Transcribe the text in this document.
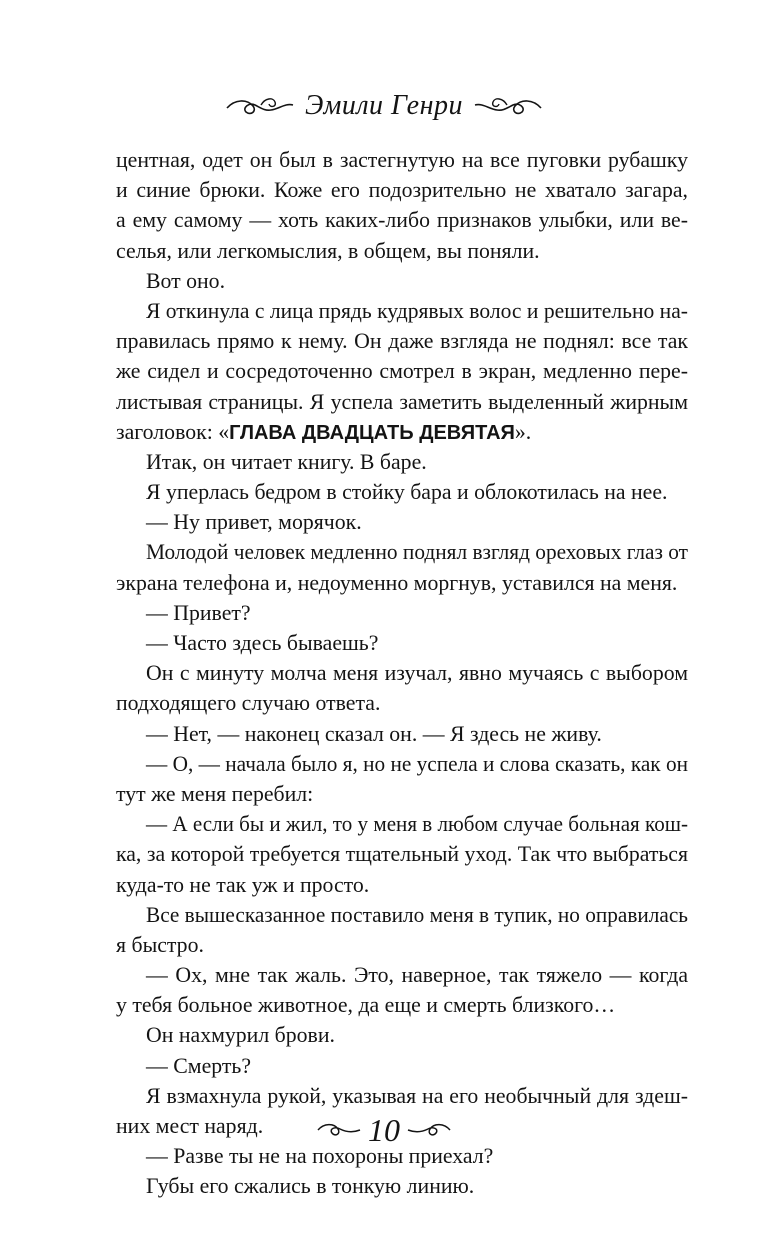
Эмили Генри
центная, одет он был в застегнутую на все пуговки рубашку
и синие брюки. Коже его подозрительно не хватало загара,
а ему самому — хоть каких-либо признаков улыбки, или ве-
селья, или легкомыслия, в общем, вы поняли.
Вот оно.
Я откинула с лица прядь кудрявых волос и решительно на-
правилась прямо к нему. Он даже взгляда не поднял: все так
же сидел и сосредоточенно смотрел в экран, медленно пере-
листывая страницы. Я успела заметить выделенный жирным
заголовок: «ГЛАВА ДВАДЦАТЬ ДЕВЯТАЯ».
Итак, он читает книгу. В баре.
Я уперлась бедром в стойку бара и облокотилась на нее.
— Ну привет, морячок.
Молодой человек медленно поднял взгляд ореховых глаз от
экрана телефона и, недоуменно моргнув, уставился на меня.
— Привет?
— Часто здесь бываешь?
Он с минуту молча меня изучал, явно мучаясь с выбором
подходящего случаю ответа.
— Нет, — наконец сказал он. — Я здесь не живу.
— О, — начала было я, но не успела и слова сказать, как он
тут же меня перебил:
— А если бы и жил, то у меня в любом случае больная кош-
ка, за которой требуется тщательный уход. Так что выбраться
куда-то не так уж и просто.
Все вышесказанное поставило меня в тупик, но оправилась
я быстро.
— Ох, мне так жаль. Это, наверное, так тяжело — когда
у тебя больное животное, да еще и смерть близкого…
Он нахмурил брови.
— Смерть?
Я взмахнула рукой, указывая на его необычный для здеш-
них мест наряд.
— Разве ты не на похороны приехал?
Губы его сжались в тонкую линию.
10
